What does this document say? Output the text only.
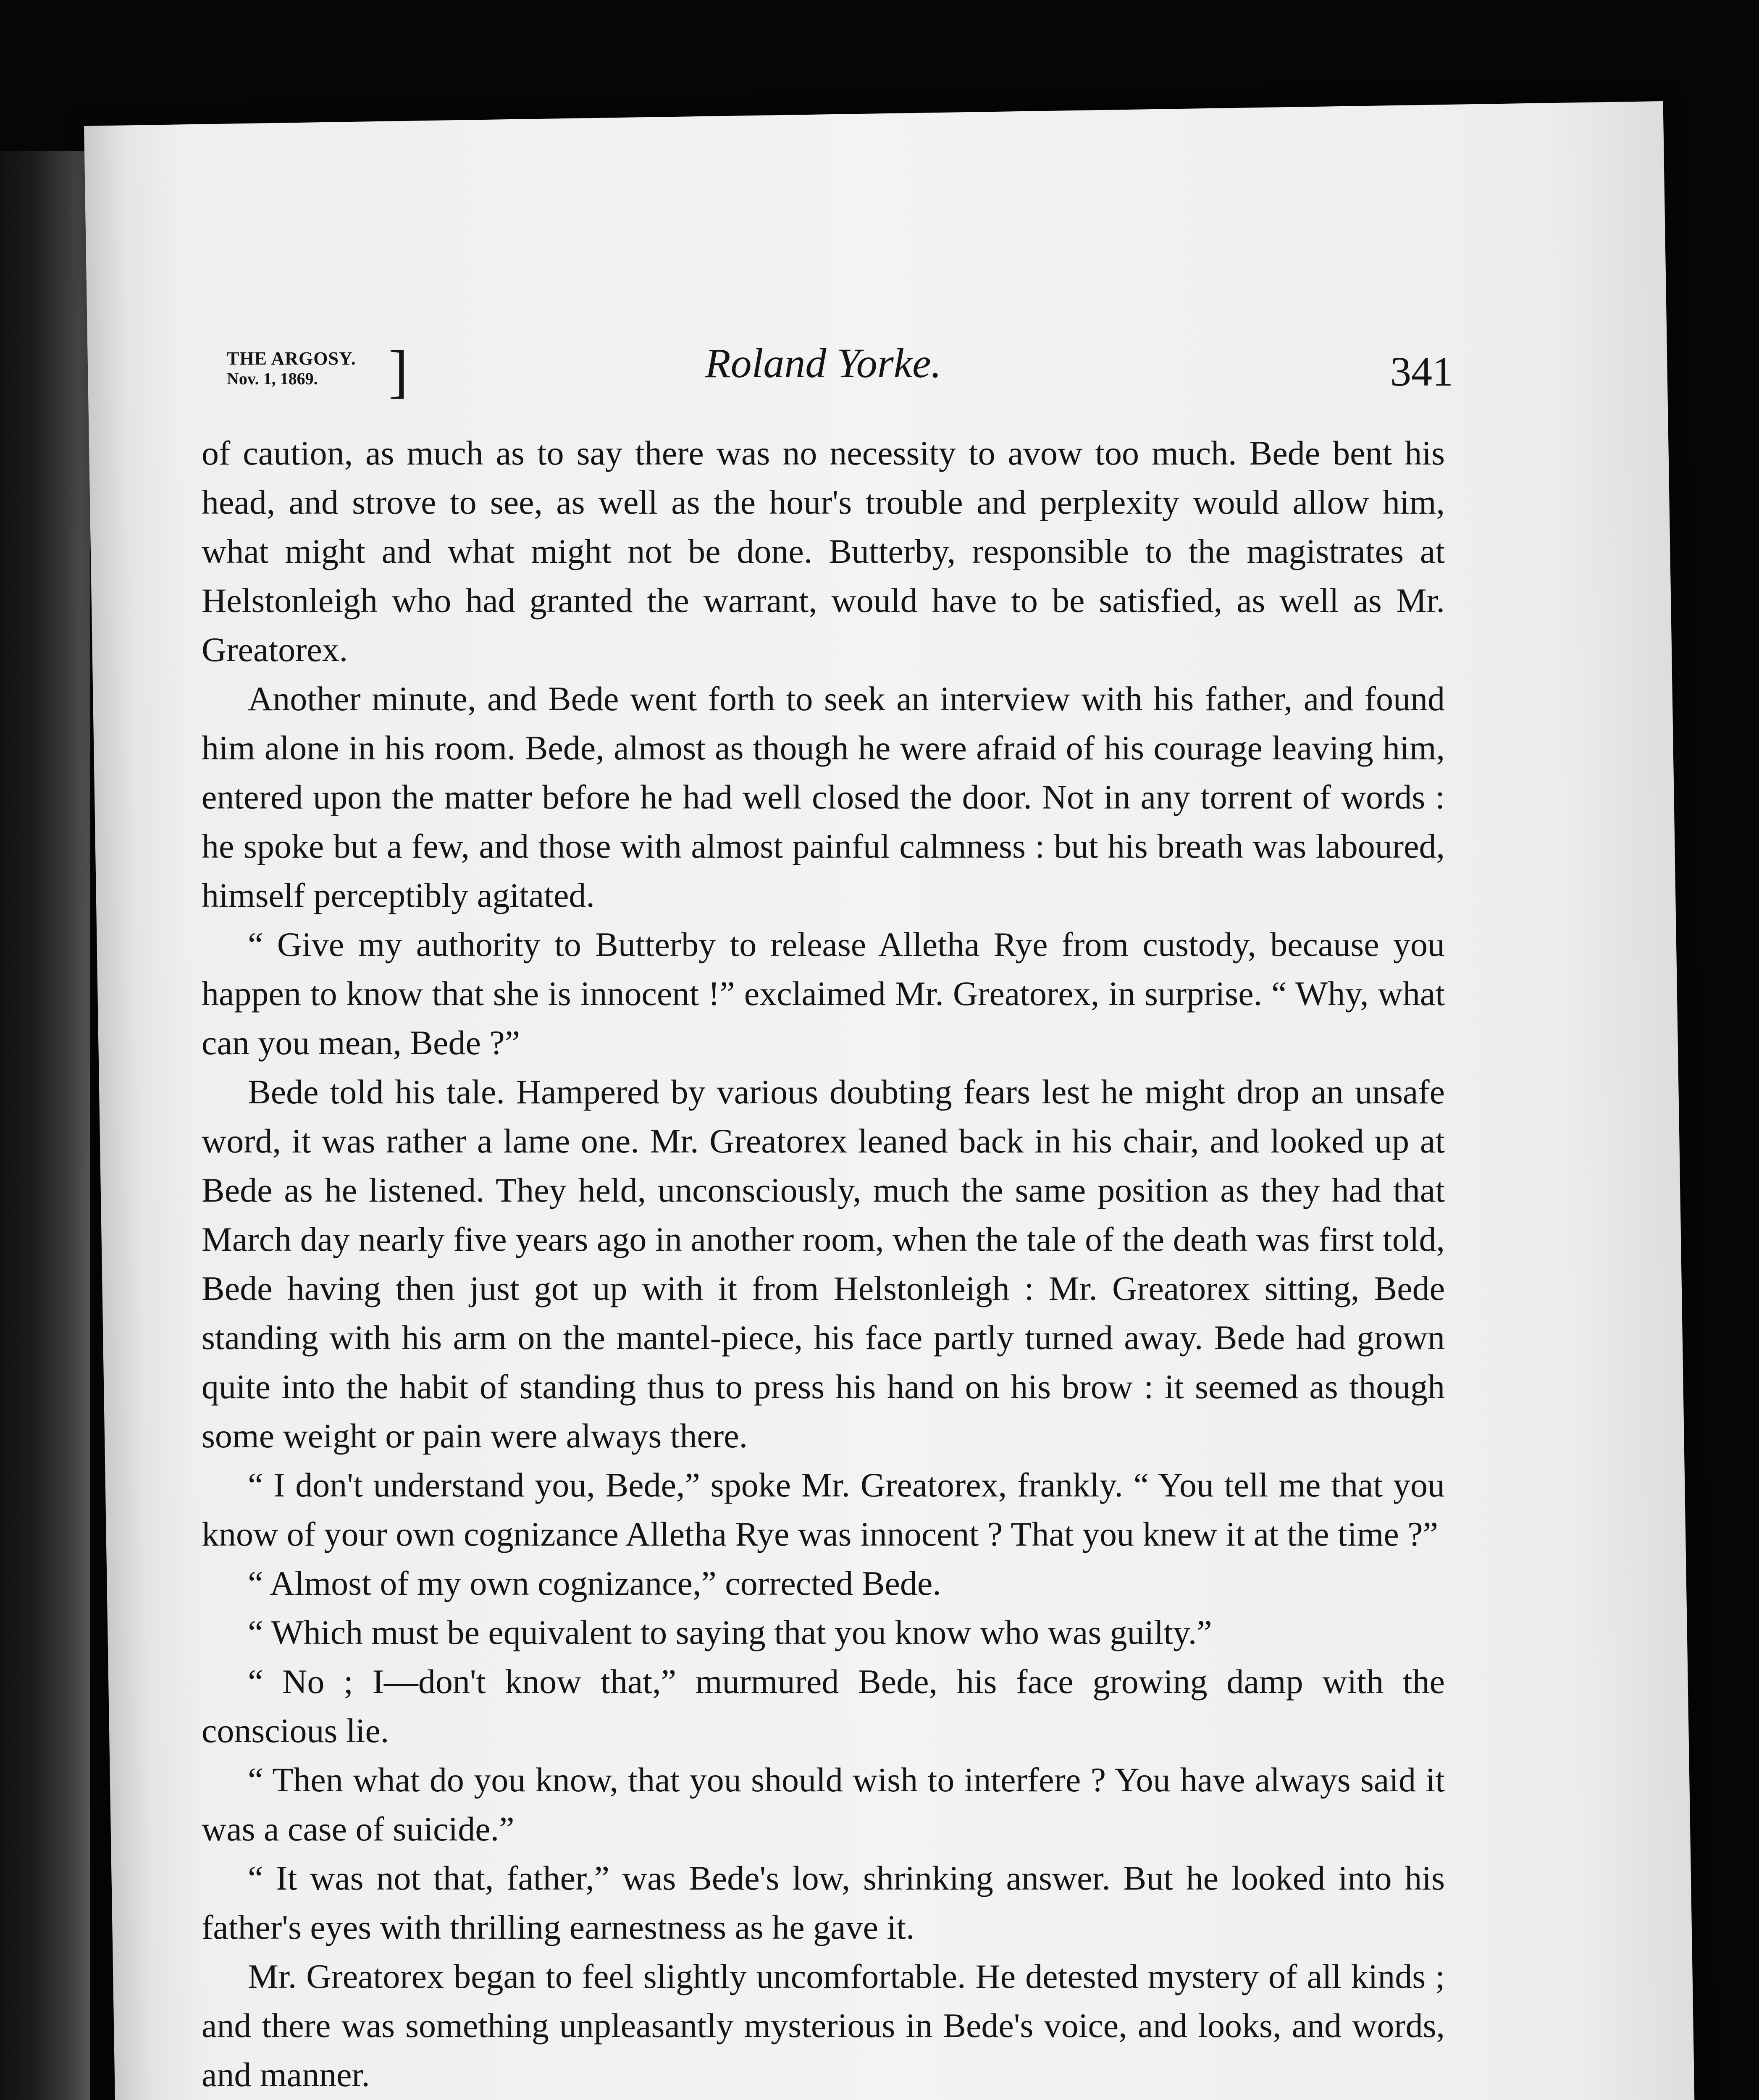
THE ARGOSY.
Nov. 1, 1869.	]	Roland Yorke.	341

of caution, as much as to say there was no necessity to avow too much. Bede bent his head, and strove to see, as well as the hour's trouble and perplexity would allow him, what might and what might not be done. Butterby, responsible to the magistrates at Helstonleigh who had granted the warrant, would have to be satisfied, as well as Mr. Greatorex.

Another minute, and Bede went forth to seek an interview with his father, and found him alone in his room. Bede, almost as though he were afraid of his courage leaving him, entered upon the matter before he had well closed the door. Not in any torrent of words : he spoke but a few, and those with almost painful calmness : but his breath was laboured, himself perceptibly agitated.

“ Give my authority to Butterby to release Alletha Rye from custody, because you happen to know that she is innocent !” exclaimed Mr. Greatorex, in surprise. “ Why, what can you mean, Bede ?”

Bede told his tale. Hampered by various doubting fears lest he might drop an unsafe word, it was rather a lame one. Mr. Greatorex leaned back in his chair, and looked up at Bede as he listened. They held, unconsciously, much the same position as they had that March day nearly five years ago in another room, when the tale of the death was first told, Bede having then just got up with it from Helstonleigh : Mr. Greatorex sitting, Bede standing with his arm on the mantel-piece, his face partly turned away. Bede had grown quite into the habit of standing thus to press his hand on his brow : it seemed as though some weight or pain were always there.

“ I don't understand you, Bede,” spoke Mr. Greatorex, frankly. “ You tell me that you know of your own cognizance Alletha Rye was innocent ? That you knew it at the time ?”

“ Almost of my own cognizance,” corrected Bede.

“ Which must be equivalent to saying that you know who was guilty.”

“ No ; I—don't know that,” murmured Bede, his face growing damp with the conscious lie.

“ Then what do you know, that you should wish to interfere ? You have always said it was a case of suicide.”

“ It was not that, father,” was Bede's low, shrinking answer. But he looked into his father's eyes with thrilling earnestness as he gave it.

Mr. Greatorex began to feel slightly uncomfortable. He detested mystery of all kinds ; and there was something unpleasantly mysterious in Bede's voice, and looks, and words, and manner.
